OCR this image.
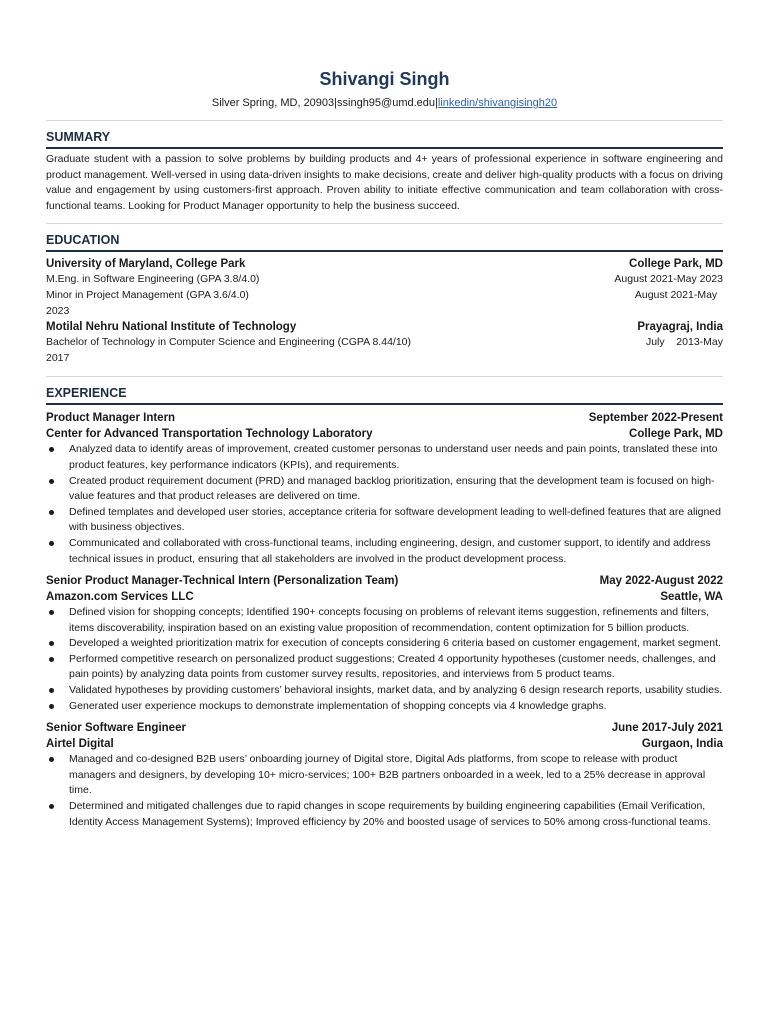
Shivangi Singh
Silver Spring, MD, 20903|ssingh95@umd.edu|linkedin/shivangisingh20
SUMMARY
Graduate student with a passion to solve problems by building products and 4+ years of professional experience in software engineering and product management. Well-versed in using data-driven insights to make decisions, create and deliver high-quality products with a focus on driving value and engagement by using customers-first approach. Proven ability to initiate effective communication and team collaboration with cross-functional teams. Looking for Product Manager opportunity to help the business succeed.
EDUCATION
University of Maryland, College Park	College Park, MD
M.Eng. in Software Engineering (GPA 3.8/4.0)	August 2021-May 2023
Minor in Project Management (GPA 3.6/4.0)	August 2021-May
2023
Motilal Nehru National Institute of Technology	Prayagraj, India
Bachelor of Technology in Computer Science and Engineering (CGPA 8.44/10)	July    2013-May
2017
EXPERIENCE
Product Manager Intern	September 2022-Present
Center for Advanced Transportation Technology Laboratory	College Park, MD
Analyzed data to identify areas of improvement, created customer personas to understand user needs and pain points, translated these into product features, key performance indicators (KPIs), and requirements.
Created product requirement document (PRD) and managed backlog prioritization, ensuring that the development team is focused on high-value features and that product releases are delivered on time.
Defined templates and developed user stories, acceptance criteria for software development leading to well-defined features that are aligned with business objectives.
Communicated and collaborated with cross-functional teams, including engineering, design, and customer support, to identify and address technical issues in product, ensuring that all stakeholders are involved in the product development process.
Senior Product Manager-Technical Intern (Personalization Team)	May 2022-August 2022
Amazon.com Services LLC	Seattle, WA
Defined vision for shopping concepts; Identified 190+ concepts focusing on problems of relevant items suggestion, refinements and filters, items discoverability, inspiration based on an existing value proposition of recommendation, content optimization for 5 billion products.
Developed a weighted prioritization matrix for execution of concepts considering 6 criteria based on customer engagement, market segment.
Performed competitive research on personalized product suggestions; Created 4 opportunity hypotheses (customer needs, challenges, and pain points) by analyzing data points from customer survey results, repositories, and interviews from 5 product teams.
Validated hypotheses by providing customers’ behavioral insights, market data, and by analyzing 6 design research reports, usability studies.
Generated user experience mockups to demonstrate implementation of shopping concepts via 4 knowledge graphs.
Senior Software Engineer	June 2017-July 2021
Airtel Digital	Gurgaon, India
Managed and co-designed B2B users’ onboarding journey of Digital store, Digital Ads platforms, from scope to release with product managers and designers, by developing 10+ micro-services; 100+ B2B partners onboarded in a week, led to a 25% decrease in approval time.
Determined and mitigated challenges due to rapid changes in scope requirements by building engineering capabilities (Email Verification, Identity Access Management Systems); Improved efficiency by 20% and boosted usage of services to 50% among cross-functional teams.
